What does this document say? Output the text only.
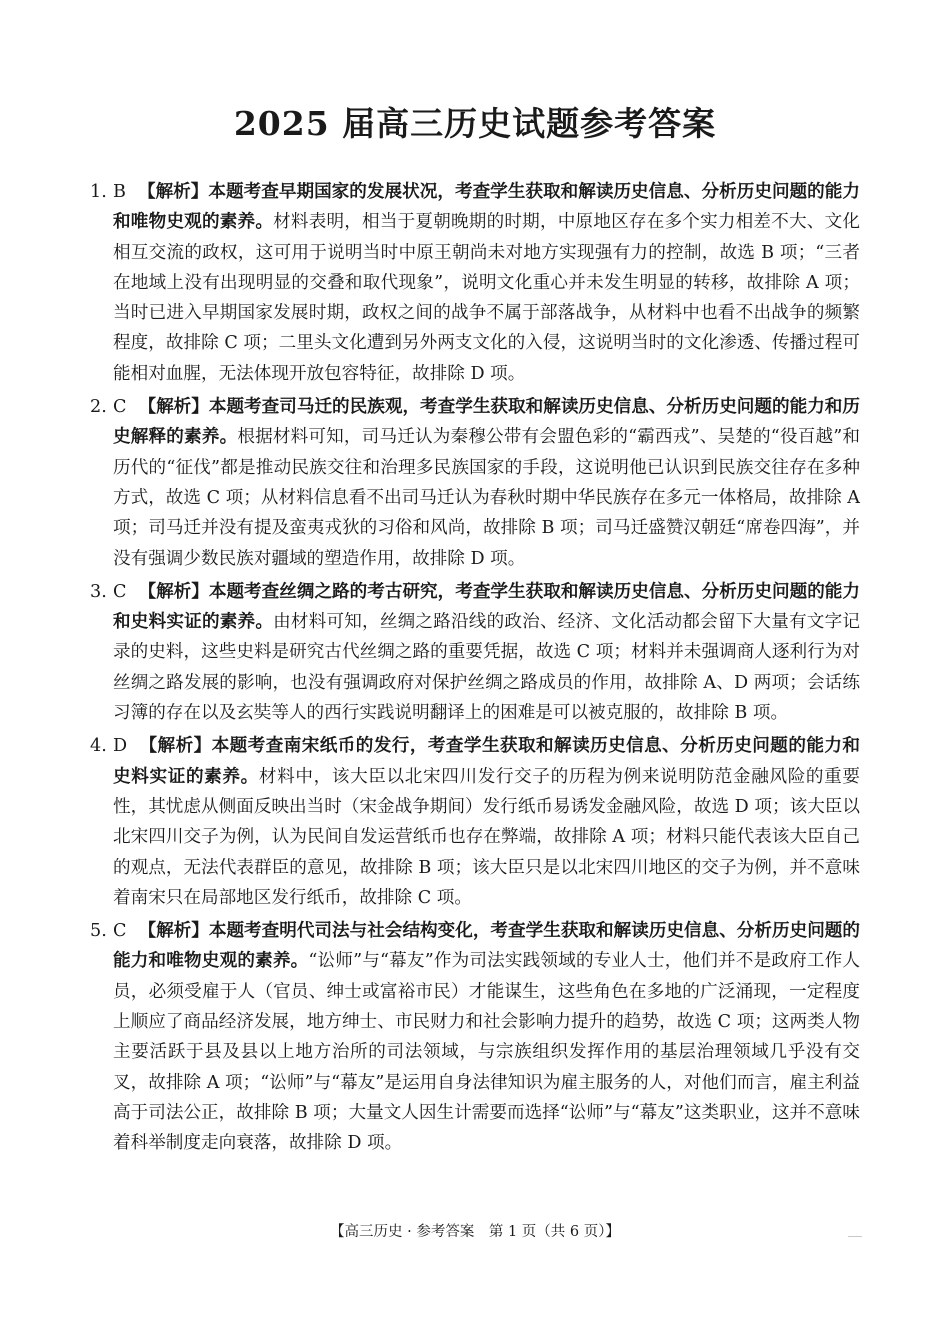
2025 届高三历史试题参考答案
1. B 【解析】本题考查早期国家的发展状况，考查学生获取和解读历史信息、分析历史问题的能力和唯物史观的素养。材料表明，相当于夏朝晚期的时期，中原地区存在多个实力相差不大、文化相互交流的政权，这可用于说明当时中原王朝尚未对地方实现强有力的控制，故选 B 项；“三者在地域上没有出现明显的交叠和取代现象”，说明文化重心并未发生明显的转移，故排除 A 项；当时已进入早期国家发展时期，政权之间的战争不属于部落战争，从材料中也看不出战争的频繁程度，故排除 C 项；二里头文化遭到另外两支文化的入侵，这说明当时的文化渗透、传播过程可能相对血腥，无法体现开放包容特征，故排除 D 项。
2. C 【解析】本题考查司马迁的民族观，考查学生获取和解读历史信息、分析历史问题的能力和历史解释的素养。根据材料可知，司马迁认为秦穆公带有会盟色彩的“霸西戎”、吴楚的“役百越”和历代的“征伐”都是推动民族交往和治理多民族国家的手段，这说明他已认识到民族交往存在多种方式，故选 C 项；从材料信息看不出司马迁认为春秋时期中华民族存在多元一体格局，故排除 A 项；司马迁并没有提及蛮夷戎狄的习俗和风尚，故排除 B 项；司马迁盛赞汉朝廷“席卷四海”，并没有强调少数民族对疆域的塑造作用，故排除 D 项。
3. C 【解析】本题考查丝绸之路的考古研究，考查学生获取和解读历史信息、分析历史问题的能力和史料实证的素养。由材料可知，丝绸之路沿线的政治、经济、文化活动都会留下大量有文字记录的史料，这些史料是研究古代丝绸之路的重要凭据，故选 C 项；材料并未强调商人逐利行为对丝绸之路发展的影响，也没有强调政府对保护丝绸之路成员的作用，故排除 A、D 两项；会话练习簿的存在以及玄奘等人的西行实践说明翻译上的困难是可以被克服的，故排除 B 项。
4. D 【解析】本题考查南宋纸币的发行，考查学生获取和解读历史信息、分析历史问题的能力和史料实证的素养。材料中，该大臣以北宋四川发行交子的历程为例来说明防范金融风险的重要性，其忧虑从侧面反映出当时（宋金战争期间）发行纸币易诱发金融风险，故选 D 项；该大臣以北宋四川交子为例，认为民间自发运营纸币也存在弊端，故排除 A 项；材料只能代表该大臣自己的观点，无法代表群臣的意见，故排除 B 项；该大臣只是以北宋四川地区的交子为例，并不意味着南宋只在局部地区发行纸币，故排除 C 项。
5. C 【解析】本题考查明代司法与社会结构变化，考查学生获取和解读历史信息、分析历史问题的能力和唯物史观的素养。“讼师”与“幕友”作为司法实践领域的专业人士，他们并不是政府工作人员，必须受雇于人（官员、绅士或富裕市民）才能谋生，这些角色在多地的广泛涌现，一定程度上顺应了商品经济发展，地方绅士、市民财力和社会影响力提升的趋势，故选 C 项；这两类人物主要活跃于县及县以上地方治所的司法领域，与宗族组织发挥作用的基层治理领域几乎没有交叉，故排除 A 项；“讼师”与“幕友”是运用自身法律知识为雇主服务的人，对他们而言，雇主利益高于司法公正，故排除 B 项；大量文人因生计需要而选择“讼师”与“幕友”这类职业，这并不意味着科举制度走向衰落，故排除 D 项。
【高三历史 · 参考答案　第 1 页（共 6 页）】
